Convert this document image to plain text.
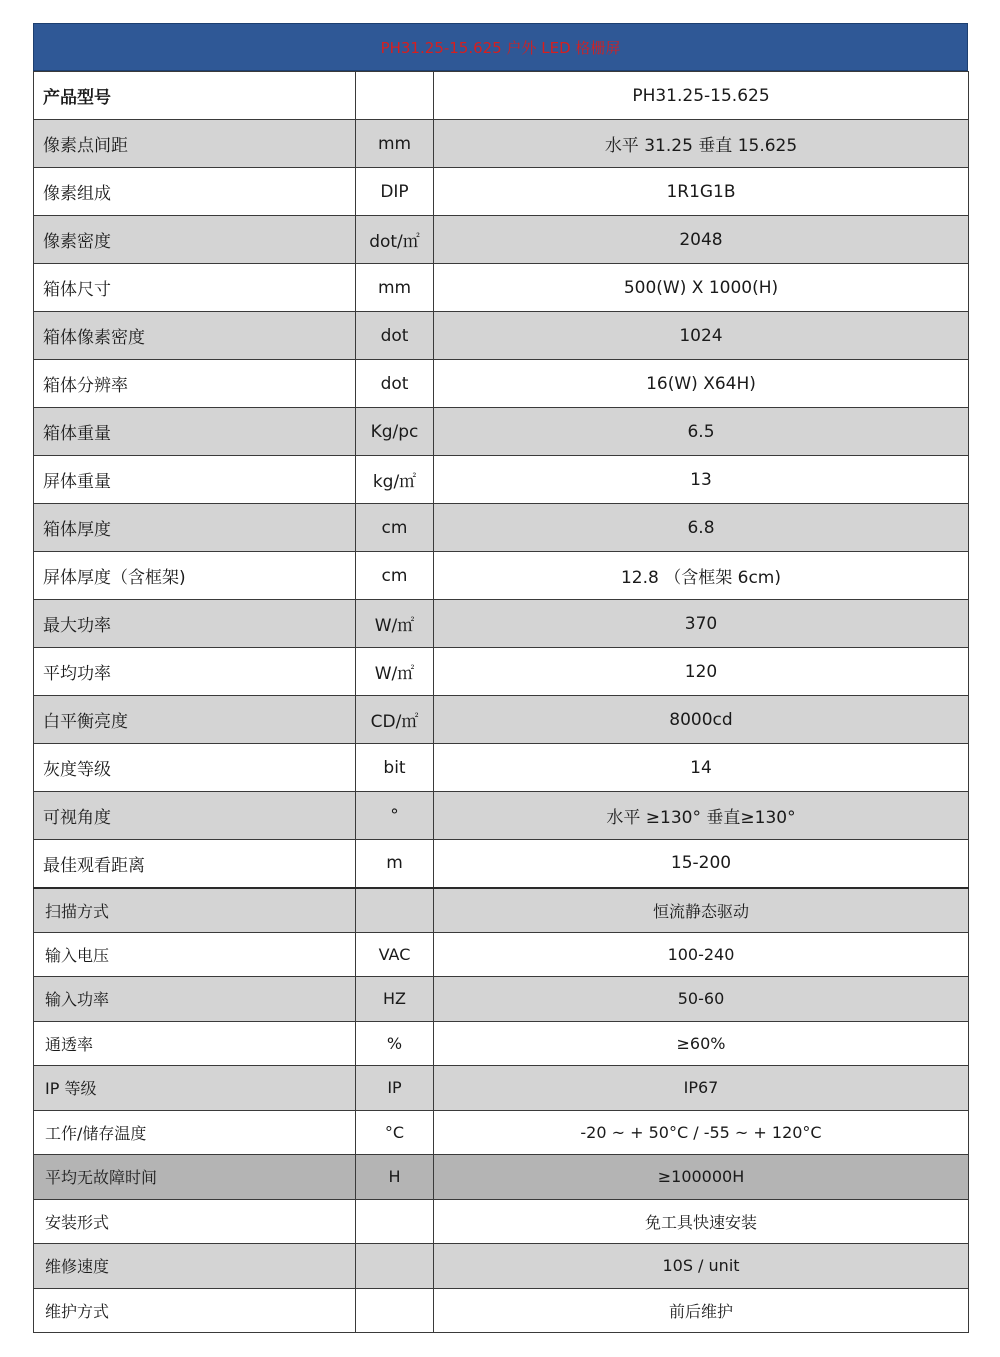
PH31.25-15.625 户外 LED 格栅屏
产品型号		PH31.25-15.625
像素点间距	mm	水平 31.25 垂直 15.625
像素组成	DIP	1R1G1B
像素密度	dot/㎡	2048
箱体尺寸	mm	500(W) X 1000(H)
箱体像素密度	dot	1024
箱体分辨率	dot	16(W) X64H)
箱体重量	Kg/pc	6.5
屏体重量	kg/㎡	13
箱体厚度	cm	6.8
屏体厚度（含框架)	cm	12.8 （含框架 6cm)
最大功率	W/㎡	370
平均功率	W/㎡	120
白平衡亮度	CD/㎡	8000cd
灰度等级	bit	14
可视角度	°	水平 ≥130° 垂直≥130°
最佳观看距离	m	15-200
扫描方式		恒流静态驱动
输入电压	VAC	100-240
输入功率	HZ	50-60
通透率	%	≥60%
IP 等级	IP	IP67
工作/储存温度	°C	-20 ~ + 50°C / -55 ~ + 120°C
平均无故障时间	H	≥100000H
安装形式		免工具快速安装
维修速度		10S / unit
维护方式		前后维护
